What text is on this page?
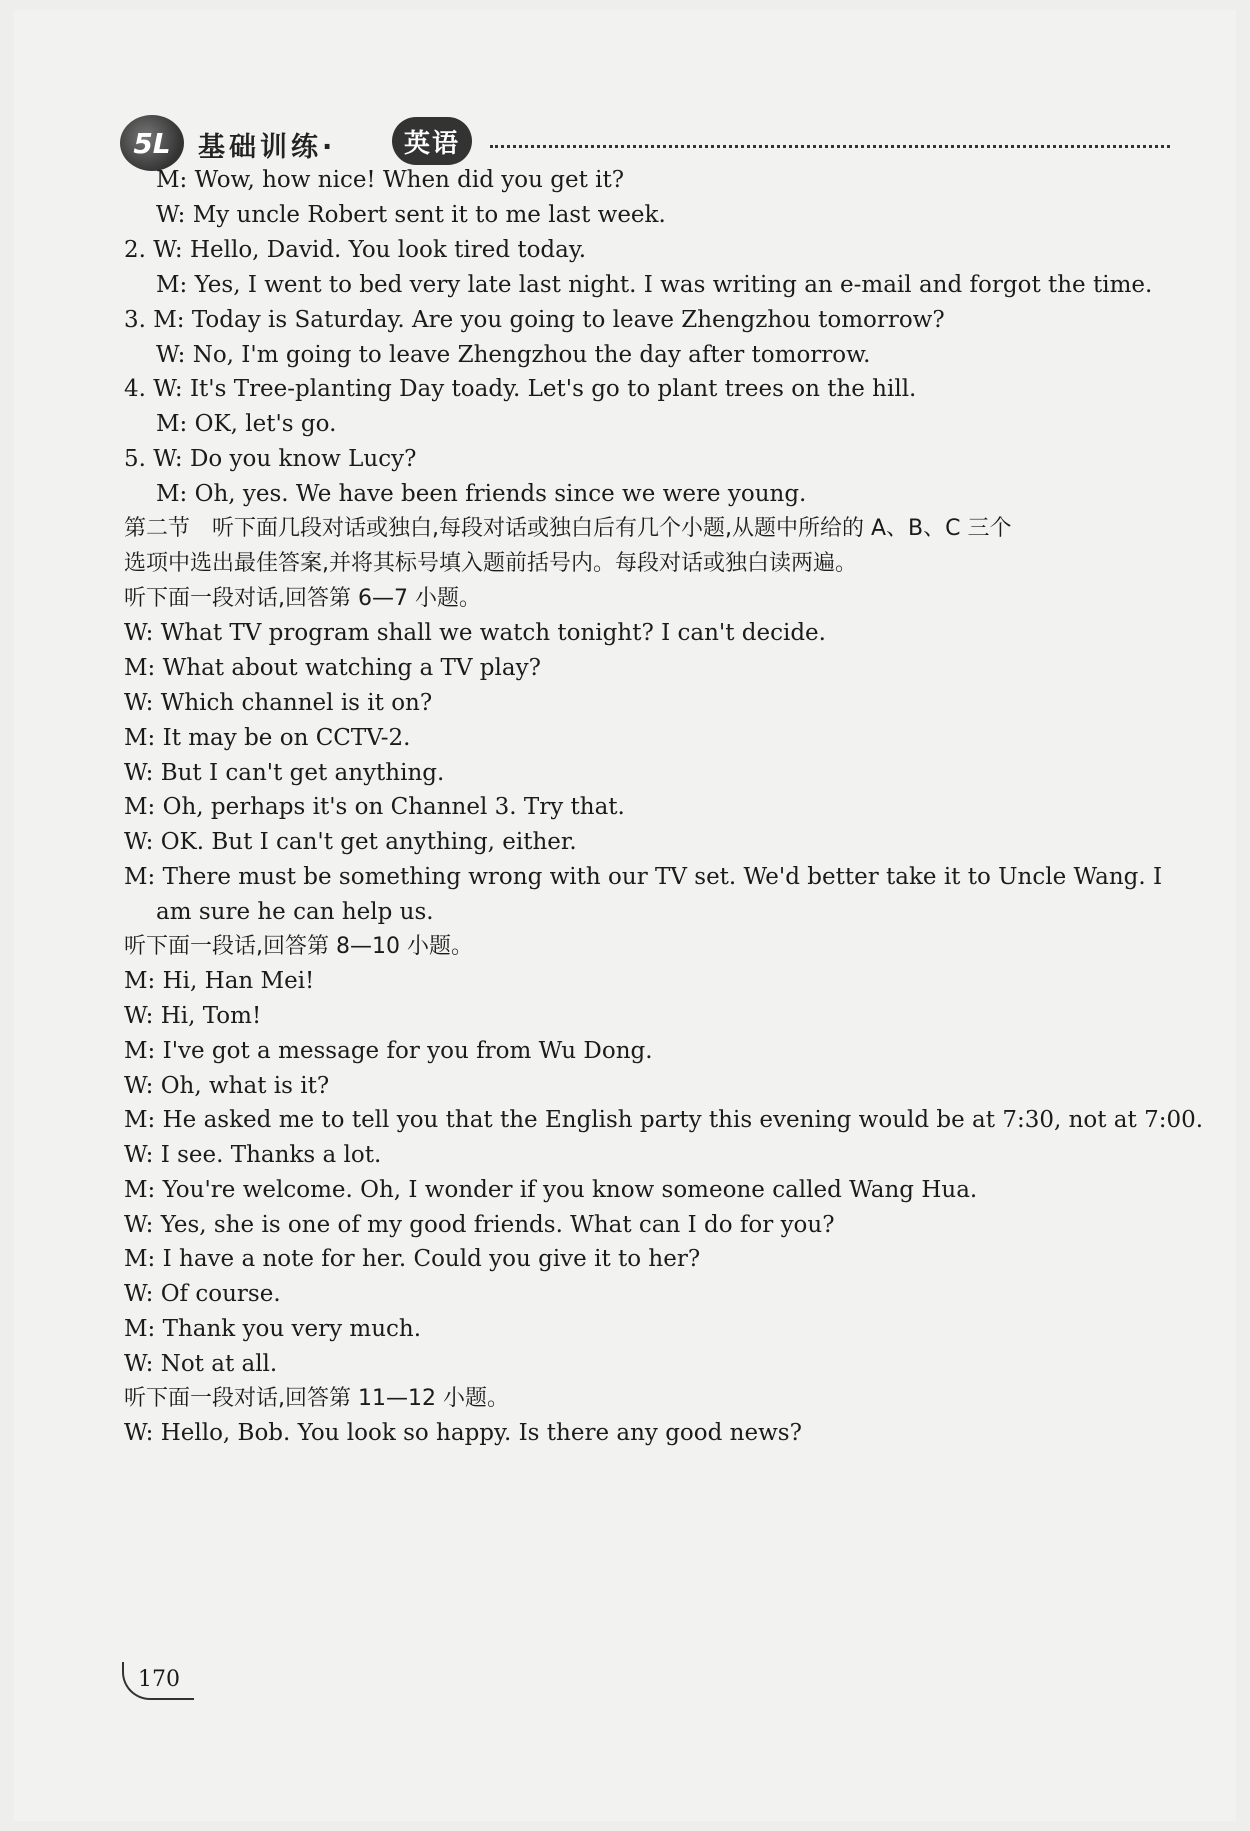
5L	基础训练·	英语
M: Wow, how nice! When did you get it?
W: My uncle Robert sent it to me last week.
2. W: Hello, David. You look tired today.
M: Yes, I went to bed very late last night. I was writing an e-mail and forgot the time.
3. M: Today is Saturday. Are you going to leave Zhengzhou tomorrow?
W: No, I'm going to leave Zhengzhou the day after tomorrow.
4. W: It's Tree-planting Day toady. Let's go to plant trees on the hill.
M: OK, let's go.
5. W: Do you know Lucy?
M: Oh, yes. We have been friends since we were young.
第二节　听下面几段对话或独白,每段对话或独白后有几个小题,从题中所给的 A、B、C 三个
选项中选出最佳答案,并将其标号填入题前括号内。每段对话或独白读两遍。
听下面一段对话,回答第 6—7 小题。
W: What TV program shall we watch tonight? I can't decide.
M: What about watching a TV play?
W: Which channel is it on?
M: It may be on CCTV-2.
W: But I can't get anything.
M: Oh, perhaps it's on Channel 3. Try that.
W: OK. But I can't get anything, either.
M: There must be something wrong with our TV set. We'd better take it to Uncle Wang. I
am sure he can help us.
听下面一段话,回答第 8—10 小题。
M: Hi, Han Mei!
W: Hi, Tom!
M: I've got a message for you from Wu Dong.
W: Oh, what is it?
M: He asked me to tell you that the English party this evening would be at 7:30, not at 7:00.
W: I see. Thanks a lot.
M: You're welcome. Oh, I wonder if you know someone called Wang Hua.
W: Yes, she is one of my good friends. What can I do for you?
M: I have a note for her. Could you give it to her?
W: Of course.
M: Thank you very much.
W: Not at all.
听下面一段对话,回答第 11—12 小题。
W: Hello, Bob. You look so happy. Is there any good news?
170
